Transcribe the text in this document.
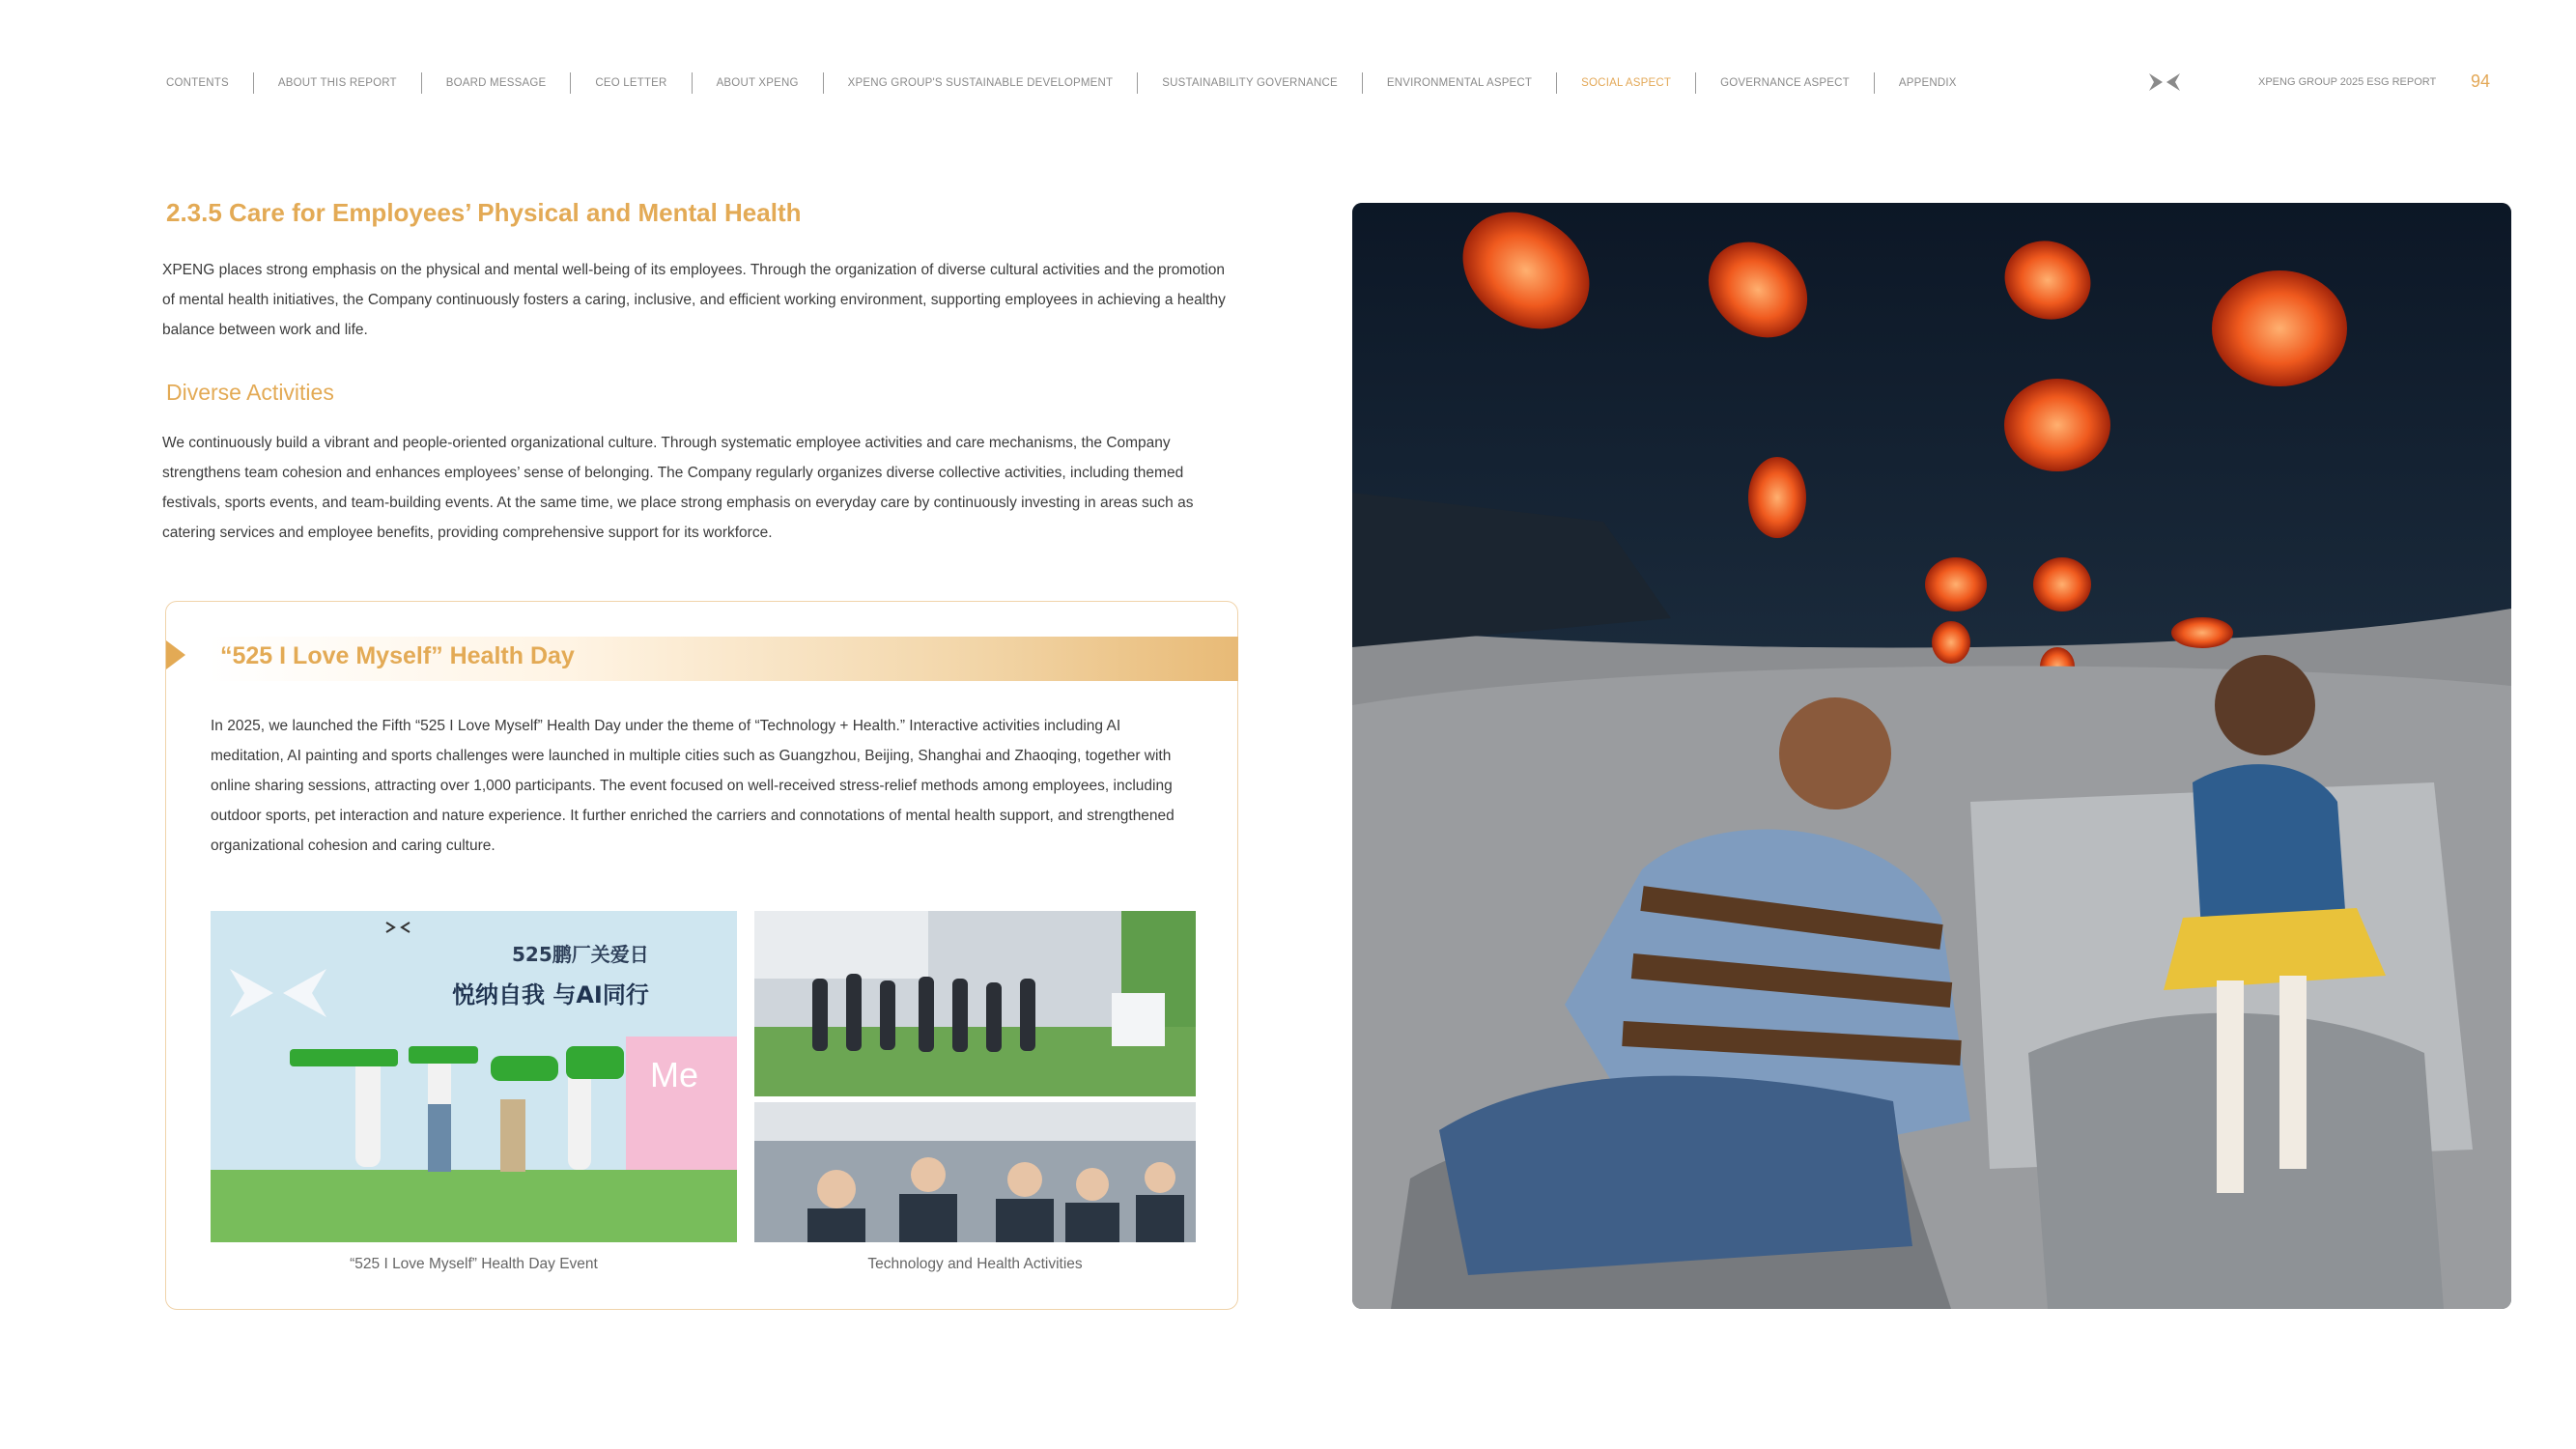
CONTENTS	ABOUT THIS REPORT	BOARD MESSAGE	CEO LETTER	ABOUT XPENG	XPENG GROUP'S SUSTAINABLE DEVELOPMENT	SUSTAINABILITY GOVERNANCE	ENVIRONMENTAL ASPECT	SOCIAL ASPECT	GOVERNANCE ASPECT	APPENDIX	XPENG GROUP 2025 ESG REPORT 94
2.3.5 Care for Employees’ Physical and Mental Health

XPENG places strong emphasis on the physical and mental well-being of its employees. Through the organization of diverse cultural activities and the promotion of mental health initiatives, the Company continuously fosters a caring, inclusive, and efficient working environment, supporting employees in achieving a healthy balance between work and life.

Diverse Activities

We continuously build a vibrant and people-oriented organizational culture. Through systematic employee activities and care mechanisms, the Company strengthens team cohesion and enhances employees’ sense of belonging. The Company regularly organizes diverse collective activities, including themed festivals, sports events, and team-building events. At the same time, we place strong emphasis on everyday care by continuously investing in areas such as catering services and employee benefits, providing comprehensive support for its workforce.

“525 I Love Myself” Health Day

In 2025, we launched the Fifth “525 I Love Myself” Health Day under the theme of “Technology + Health.” Interactive activities including AI meditation, AI painting and sports challenges were launched in multiple cities such as Guangzhou, Beijing, Shanghai and Zhaoqing, together with online sharing sessions, attracting over 1,000 participants. The event focused on well-received stress-relief methods among employees, including outdoor sports, pet interaction and nature experience. It further enriched the carriers and connotations of mental health support, and strengthened organizational cohesion and caring culture.

525鹏厂关爱日
悦纳自我 与AI同行
Me

“525 I Love Myself” Health Day Event	Technology and Health Activities
